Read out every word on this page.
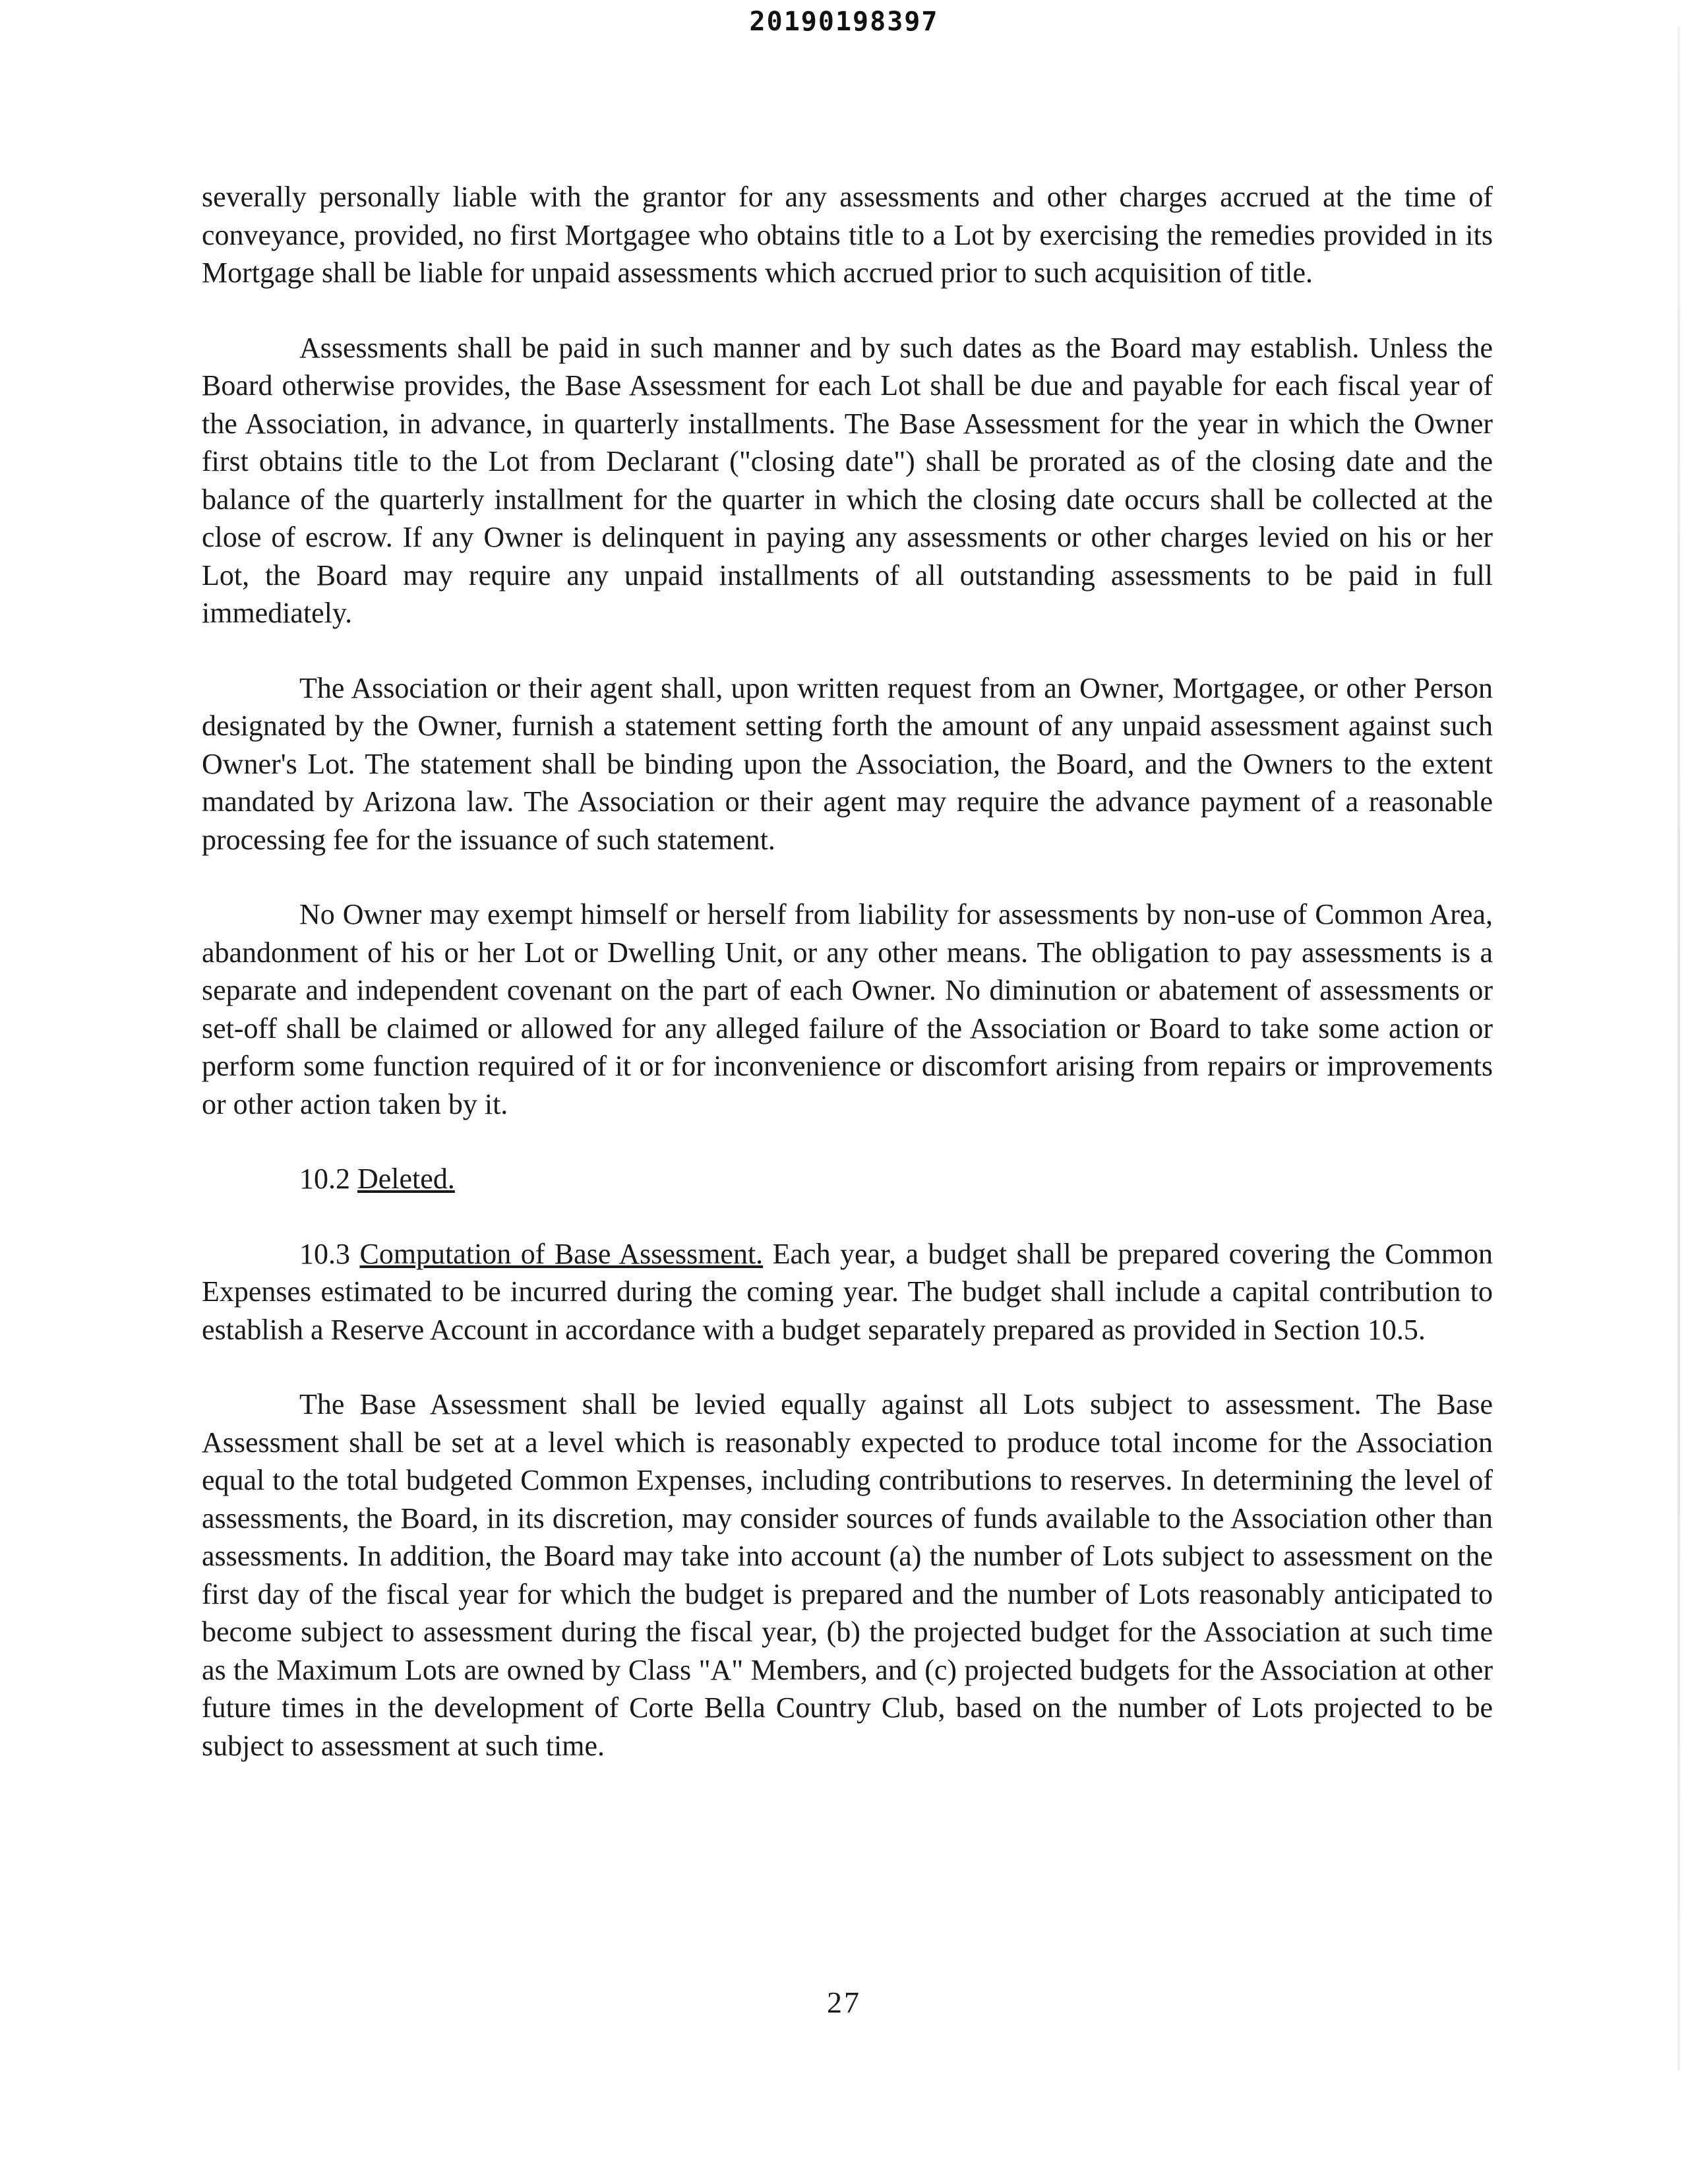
20190198397

severally personally liable with the grantor for any assessments and other charges accrued at the time of conveyance, provided, no first Mortgagee who obtains title to a Lot by exercising the remedies provided in its Mortgage shall be liable for unpaid assessments which accrued prior to such acquisition of title.

Assessments shall be paid in such manner and by such dates as the Board may establish. Unless the Board otherwise provides, the Base Assessment for each Lot shall be due and payable for each fiscal year of the Association, in advance, in quarterly installments. The Base Assessment for the year in which the Owner first obtains title to the Lot from Declarant ("closing date") shall be prorated as of the closing date and the balance of the quarterly installment for the quarter in which the closing date occurs shall be collected at the close of escrow. If any Owner is delinquent in paying any assessments or other charges levied on his or her Lot, the Board may require any unpaid installments of all outstanding assessments to be paid in full immediately.

The Association or their agent shall, upon written request from an Owner, Mortgagee, or other Person designated by the Owner, furnish a statement setting forth the amount of any unpaid assessment against such Owner's Lot. The statement shall be binding upon the Association, the Board, and the Owners to the extent mandated by Arizona law. The Association or their agent may require the advance payment of a reasonable processing fee for the issuance of such statement.

No Owner may exempt himself or herself from liability for assessments by non-use of Common Area, abandonment of his or her Lot or Dwelling Unit, or any other means. The obligation to pay assessments is a separate and independent covenant on the part of each Owner. No diminution or abatement of assessments or set-off shall be claimed or allowed for any alleged failure of the Association or Board to take some action or perform some function required of it or for inconvenience or discomfort arising from repairs or improvements or other action taken by it.

10.2 Deleted.

10.3 Computation of Base Assessment. Each year, a budget shall be prepared covering the Common Expenses estimated to be incurred during the coming year. The budget shall include a capital contribution to establish a Reserve Account in accordance with a budget separately prepared as provided in Section 10.5.

The Base Assessment shall be levied equally against all Lots subject to assessment. The Base Assessment shall be set at a level which is reasonably expected to produce total income for the Association equal to the total budgeted Common Expenses, including contributions to reserves. In determining the level of assessments, the Board, in its discretion, may consider sources of funds available to the Association other than assessments. In addition, the Board may take into account (a) the number of Lots subject to assessment on the first day of the fiscal year for which the budget is prepared and the number of Lots reasonably anticipated to become subject to assessment during the fiscal year, (b) the projected budget for the Association at such time as the Maximum Lots are owned by Class "A" Members, and (c) projected budgets for the Association at other future times in the development of Corte Bella Country Club, based on the number of Lots projected to be subject to assessment at such time.

27
